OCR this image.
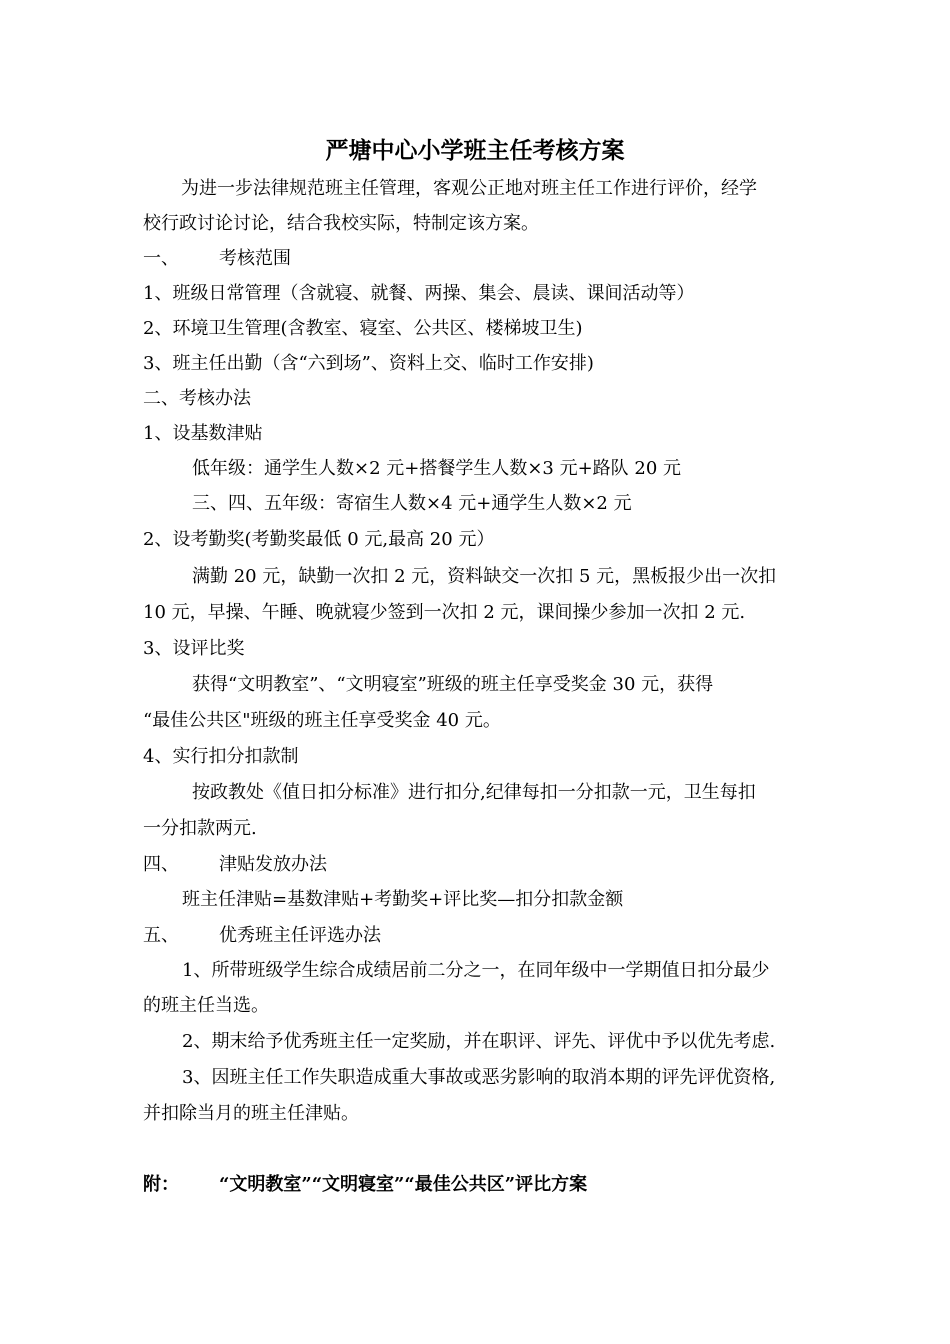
严塘中心小学班主任考核方案
为进一步法律规范班主任管理，客观公正地对班主任工作进行评价，经学
校行政讨论讨论，结合我校实际，特制定该方案。
一、 考核范围
1、班级日常管理（含就寝、就餐、两操、集会、晨读、课间活动等）
2、环境卫生管理(含教室、寝室、公共区、楼梯坡卫生)
3、班主任出勤（含“六到场”、资料上交、临时工作安排)
二、考核办法
1、设基数津贴
低年级：通学生人数×2 元+搭餐学生人数×3 元+路队 20 元
三、四、五年级：寄宿生人数×4 元+通学生人数×2 元
2、设考勤奖(考勤奖最低 0 元,最高 20 元）
满勤 20 元，缺勤一次扣 2 元，资料缺交一次扣 5 元，黑板报少出一次扣
10 元，早操、午睡、晚就寝少签到一次扣 2 元，课间操少参加一次扣 2 元.
3、设评比奖
获得“文明教室”、“文明寝室”班级的班主任享受奖金 30 元，获得
“最佳公共区"班级的班主任享受奖金 40 元。
4、实行扣分扣款制
按政教处《值日扣分标准》进行扣分,纪律每扣一分扣款一元，卫生每扣
一分扣款两元.
四、 津贴发放办法
班主任津贴=基数津贴+考勤奖+评比奖—扣分扣款金额
五、 优秀班主任评选办法
1、所带班级学生综合成绩居前二分之一，在同年级中一学期值日扣分最少
的班主任当选。
2、期末给予优秀班主任一定奖励，并在职评、评先、评优中予以优先考虑.
3、因班主任工作失职造成重大事故或恶劣影响的取消本期的评先评优资格,
并扣除当月的班主任津贴。
附： “文明教室”“文明寝室”“最佳公共区”评比方案
